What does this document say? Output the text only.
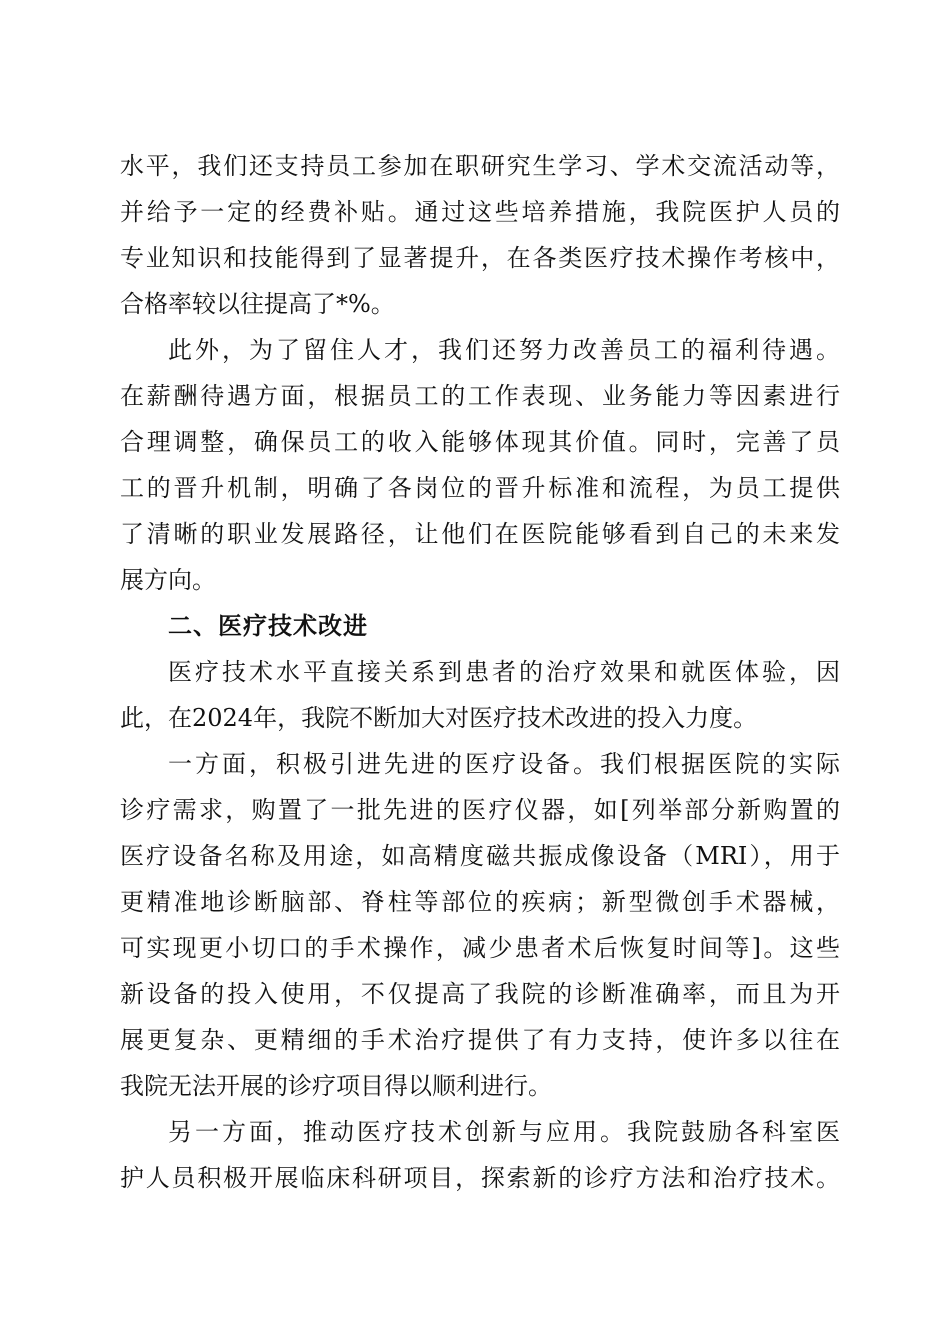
水平，我们还支持员工参加在职研究生学习、学术交流活动等，
并给予一定的经费补贴。通过这些培养措施，我院医护人员的
专业知识和技能得到了显著提升，在各类医疗技术操作考核中，
合格率较以往提高了*%。
此外，为了留住人才，我们还努力改善员工的福利待遇。
在薪酬待遇方面，根据员工的工作表现、业务能力等因素进行
合理调整，确保员工的收入能够体现其价值。同时，完善了员
工的晋升机制，明确了各岗位的晋升标准和流程，为员工提供
了清晰的职业发展路径，让他们在医院能够看到自己的未来发
展方向。
二、医疗技术改进
医疗技术水平直接关系到患者的治疗效果和就医体验，因
此，在2024年，我院不断加大对医疗技术改进的投入力度。
一方面，积极引进先进的医疗设备。我们根据医院的实际
诊疗需求，购置了一批先进的医疗仪器，如[列举部分新购置的
医疗设备名称及用途，如高精度磁共振成像设备（MRI），用于
更精准地诊断脑部、脊柱等部位的疾病；新型微创手术器械，
可实现更小切口的手术操作，减少患者术后恢复时间等]。这些
新设备的投入使用，不仅提高了我院的诊断准确率，而且为开
展更复杂、更精细的手术治疗提供了有力支持，使许多以往在
我院无法开展的诊疗项目得以顺利进行。
另一方面，推动医疗技术创新与应用。我院鼓励各科室医
护人员积极开展临床科研项目，探索新的诊疗方法和治疗技术。
